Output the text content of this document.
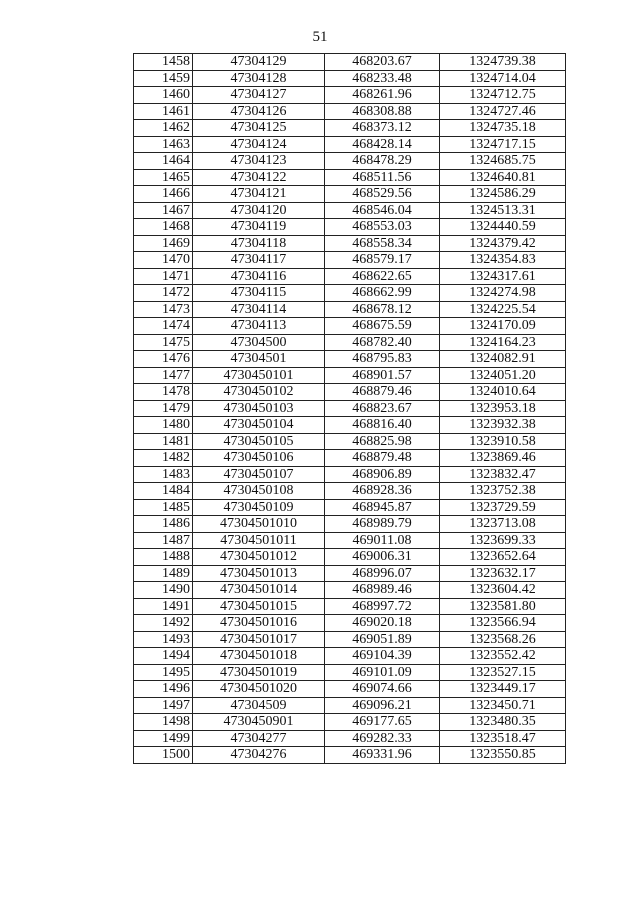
51
1458	47304129	468203.67	1324739.38
1459	47304128	468233.48	1324714.04
1460	47304127	468261.96	1324712.75
1461	47304126	468308.88	1324727.46
1462	47304125	468373.12	1324735.18
1463	47304124	468428.14	1324717.15
1464	47304123	468478.29	1324685.75
1465	47304122	468511.56	1324640.81
1466	47304121	468529.56	1324586.29
1467	47304120	468546.04	1324513.31
1468	47304119	468553.03	1324440.59
1469	47304118	468558.34	1324379.42
1470	47304117	468579.17	1324354.83
1471	47304116	468622.65	1324317.61
1472	47304115	468662.99	1324274.98
1473	47304114	468678.12	1324225.54
1474	47304113	468675.59	1324170.09
1475	47304500	468782.40	1324164.23
1476	47304501	468795.83	1324082.91
1477	4730450101	468901.57	1324051.20
1478	4730450102	468879.46	1324010.64
1479	4730450103	468823.67	1323953.18
1480	4730450104	468816.40	1323932.38
1481	4730450105	468825.98	1323910.58
1482	4730450106	468879.48	1323869.46
1483	4730450107	468906.89	1323832.47
1484	4730450108	468928.36	1323752.38
1485	4730450109	468945.87	1323729.59
1486	47304501010	468989.79	1323713.08
1487	47304501011	469011.08	1323699.33
1488	47304501012	469006.31	1323652.64
1489	47304501013	468996.07	1323632.17
1490	47304501014	468989.46	1323604.42
1491	47304501015	468997.72	1323581.80
1492	47304501016	469020.18	1323566.94
1493	47304501017	469051.89	1323568.26
1494	47304501018	469104.39	1323552.42
1495	47304501019	469101.09	1323527.15
1496	47304501020	469074.66	1323449.17
1497	47304509	469096.21	1323450.71
1498	4730450901	469177.65	1323480.35
1499	47304277	469282.33	1323518.47
1500	47304276	469331.96	1323550.85
